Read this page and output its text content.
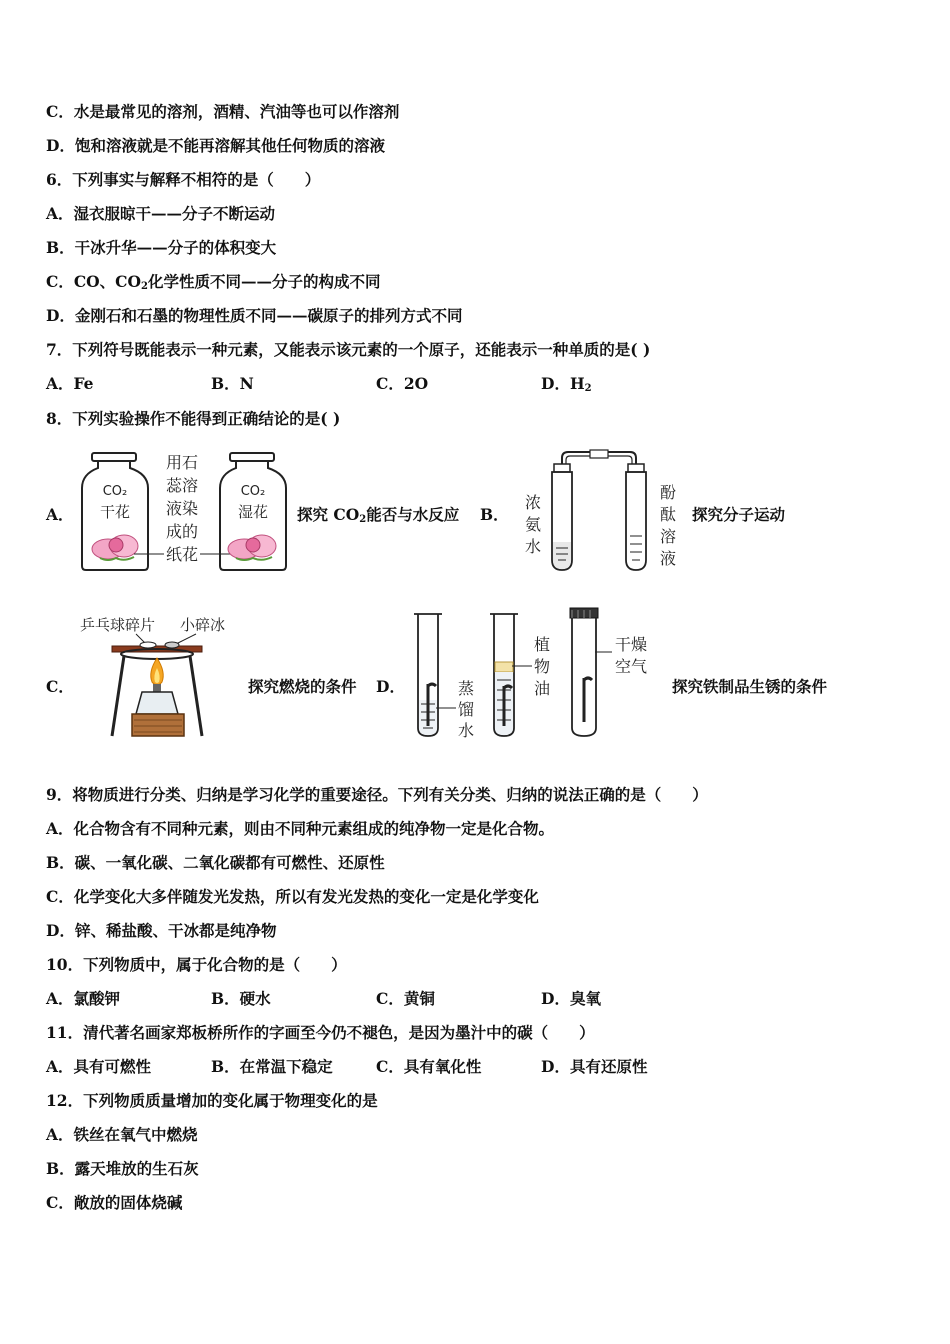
C．水是最常见的溶剂，酒精、汽油等也可以作溶剂
D．饱和溶液就是不能再溶解其他任何物质的溶液
6．下列事实与解释不相符的是（　　）
A．湿衣服晾干——分子不断运动
B．干冰升华——分子的体积变大
C．CO、$CO_2$化学性质不同——分子的构成不同
D．金刚石和石墨的物理性质不同——碳原子的排列方式不同
7．下列符号既能表示一种元素，又能表示该元素的一个原子，还能表示一种单质的是( )
A．Fe	B．N	C．2O	D．$H_2$
8．下列实验操作不能得到正确结论的是( )
A．
CO₂
干花
用石
蕊溶
液染
成的
纸花
CO₂
湿花 探究 $CO_2$能否与水反应 B．
浓
氨
水
酚
酞
溶
液
探究分子运动
C．
乒乓球碎片 小碎冰
探究燃烧的条件 D．	蒸
馏
水
植
物
油
干燥
空气
探究铁制品生锈的条件
9．将物质进行分类、归纳是学习化学的重要途径。下列有关分类、归纳的说法正确的是（　　）
A．化合物含有不同种元素，则由不同种元素组成的纯净物一定是化合物。
B．碳、一氧化碳、二氧化碳都有可燃性、还原性
C．化学变化大多伴随发光发热，所以有发光发热的变化一定是化学变化
D．锌、稀盐酸、干冰都是纯净物
10．下列物质中，属于化合物的是（　　）
A．氯酸钾	B．硬水	C．黄铜	D．臭氧
11．清代著名画家郑板桥所作的字画至今仍不褪色，是因为墨汁中的碳（　　）
A．具有可燃性	B．在常温下稳定	C．具有氧化性	D．具有还原性
12．下列物质质量增加的变化属于物理变化的是
A．铁丝在氧气中燃烧
B．露天堆放的生石灰
C．敞放的固体烧碱
